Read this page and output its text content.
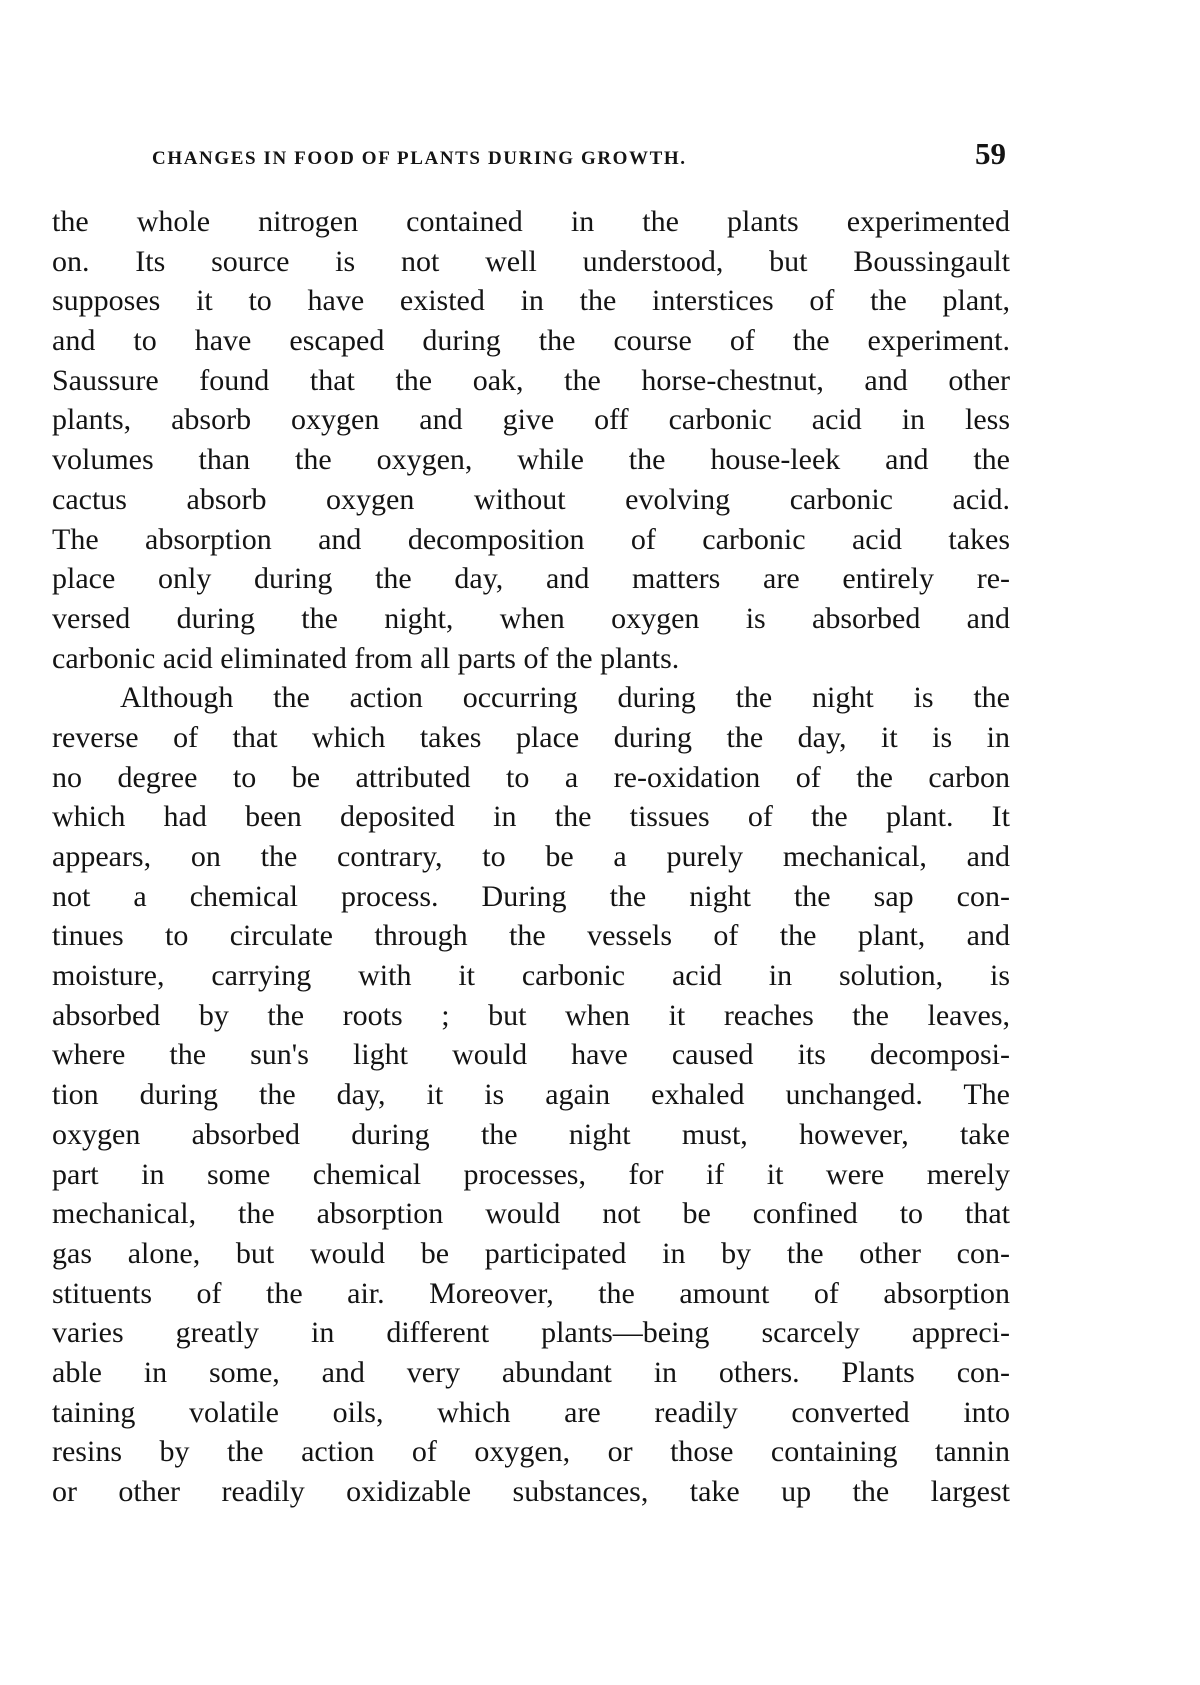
CHANGES IN FOOD OF PLANTS DURING GROWTH.	59
the whole nitrogen contained in the plants experimented
on. Its source is not well understood, but Boussingault
supposes it to have existed in the interstices of the plant,
and to have escaped during the course of the experiment.
Saussure found that the oak, the horse-chestnut, and other
plants, absorb oxygen and give off carbonic acid in less
volumes than the oxygen, while the house-leek and the
cactus absorb oxygen without evolving carbonic acid.
The absorption and decomposition of carbonic acid takes
place only during the day, and matters are entirely re-
versed during the night, when oxygen is absorbed and
carbonic acid eliminated from all parts of the plants.
Although the action occurring during the night is the
reverse of that which takes place during the day, it is in
no degree to be attributed to a re-oxidation of the carbon
which had been deposited in the tissues of the plant. It
appears, on the contrary, to be a purely mechanical, and
not a chemical process. During the night the sap con-
tinues to circulate through the vessels of the plant, and
moisture, carrying with it carbonic acid in solution, is
absorbed by the roots ; but when it reaches the leaves,
where the sun's light would have caused its decomposi-
tion during the day, it is again exhaled unchanged. The
oxygen absorbed during the night must, however, take
part in some chemical processes, for if it were merely
mechanical, the absorption would not be confined to that
gas alone, but would be participated in by the other con-
stituents of the air. Moreover, the amount of absorption
varies greatly in different plants—being scarcely appreci-
able in some, and very abundant in others. Plants con-
taining volatile oils, which are readily converted into
resins by the action of oxygen, or those containing tannin
or other readily oxidizable substances, take up the largest
